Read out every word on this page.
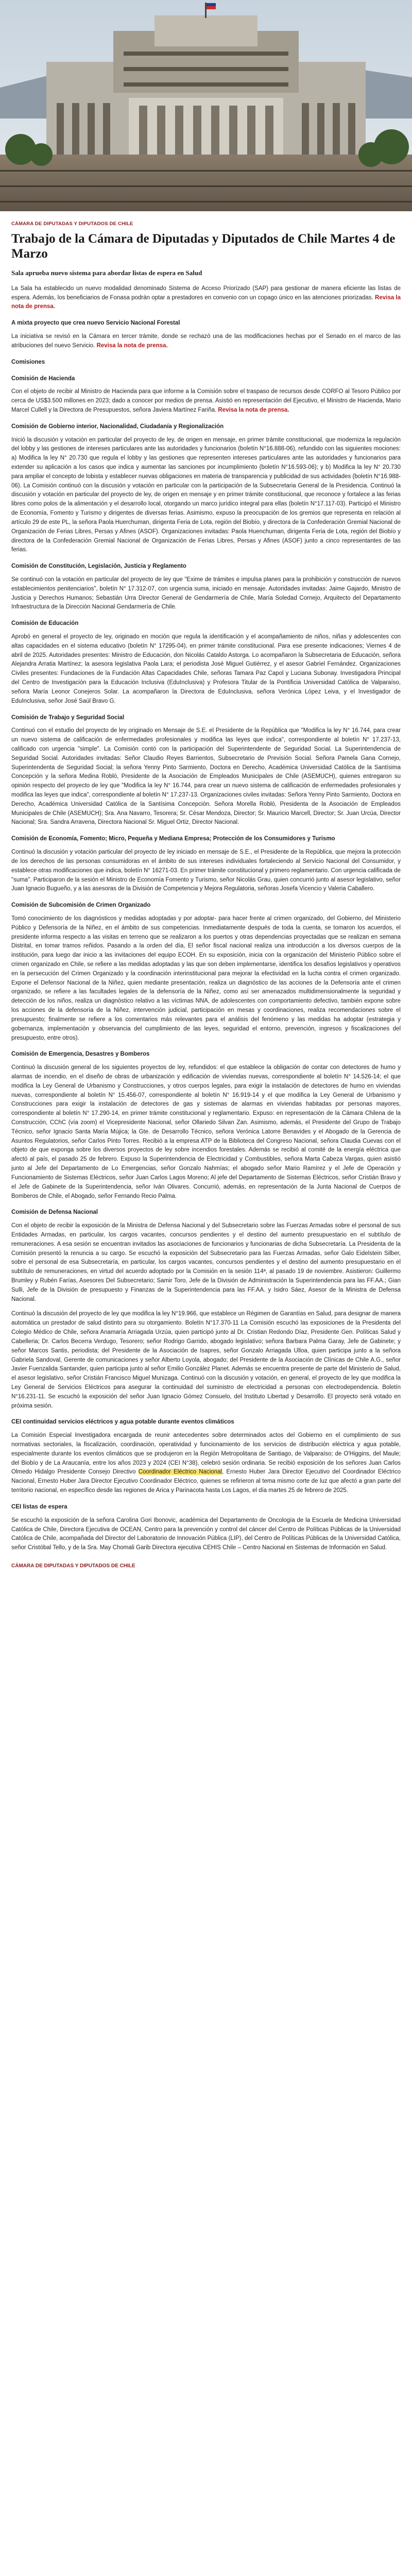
CÁMARA DE DIPUTADAS Y DIPUTADOS DE CHILE
Trabajo de la Cámara de Diputadas y Diputados de Chile Martes 4 de Marzo
Sala aprueba nuevo sistema para abordar listas de espera en Salud

La Sala ha establecido un nuevo modalidad denominado Sistema de Acceso Priorizado (SAP) para gestionar de manera eficiente las listas de espera. Además, los beneficiarios de Fonasa podrán optar a prestadores en convenio con un copago único en las atenciones priorizadas. Revisa la nota de prensa.

A mixta proyecto que crea nuevo Servicio Nacional Forestal

La iniciativa se revisó en la Cámara en tercer trámite, donde se rechazó una de las modificaciones hechas por el Senado en el marco de las atribuciones del nuevo Servicio. Revisa la nota de prensa.

Comisiones
Comisión de Hacienda

Con el objeto de recibir al Ministro de Hacienda para que informe a la Comisión sobre el traspaso de recursos desde CORFO al Tesoro Público por cerca de US$3.500 millones en 2023; dado a conocer por medios de prensa. Asistió en representación del Ejecutivo, el Ministro de Hacienda, Mario Marcel Cullell y la Directora de Presupuestos, señora Javiera Martínez Fariña. Revisa la nota de prensa.

Comisión de Gobierno interior, Nacionalidad, Ciudadanía y Regionalización

Inició la discusión y votación en particular del proyecto de ley, de origen en mensaje, en primer trámite constitucional, que moderniza la regulación del lobby y las gestiones de intereses particulares ante las autoridades y funcionarios (boletín N°16.888-06), refundido con las siguientes mociones: a) Modifica la ley N° 20.730 que regula el lobby y las gestiones que representen intereses particulares ante las autoridades y funcionarios para extender su aplicación a los casos que indica y aumentar las sanciones por incumplimiento (boletín N°16.593-06); y b) Modifica la ley N° 20.730 para ampliar el concepto de lobista y establecer nuevas obligaciones en materia de transparencia y publicidad de sus actividades (boletín N°16.988-06). La Comisión continuó con la discusión y votación en particular con la participación de la Subsecretaria General de la Presidencia. Continuó la discusión y votación en particular del proyecto de ley, de origen en mensaje y en primer trámite constitucional, que reconoce y fortalece a las ferias libres como polos de la alimentación y el desarrollo local, otorgando un marco jurídico integral para ellas (boletín N°17.117-03). Participó el Ministro de Economía, Fomento y Turismo y dirigentes de diversas ferias. Asimismo, expuso la preocupación de los gremios que representa en relación al artículo 29 de este PL, la señora Paola Huerchuman, dirigenta Feria de Lota, región del Biobío, y directora de la Confederación Gremial Nacional de Organización de Ferias Libres, Persas y Afines (ASOF). Organizaciones invitadas: Paola Huenchuman, dirigenta Feria de Lota, región del Biobío y directora de la Confederación Gremial Nacional de Organización de Ferias Libres, Persas y Afines (ASOF) junto a cinco representantes de las ferias.

Comisión de Constitución, Legislación, Justicia y Reglamento

Se continuó con la votación en particular del proyecto de ley que "Exime de trámites e impulsa planes para la prohibición y construcción de nuevos establecimientos penitenciarios", boletín N° 17.312-07, con urgencia suma, iniciado en mensaje. Autoridades invitadas: Jaime Gajardo, Ministro de Justicia y Derechos Humanos; Sebastián Urra Director General de Gendarmería de Chile, María Soledad Cornejo, Arquitecto del Departamento Infraestructura de la Dirección Nacional Gendarmería de Chile.

Comisión de Educación

Aprobó en general el proyecto de ley, originado en moción que regula la identificación y el acompañamiento de niños, niñas y adolescentes con altas capacidades en el sistema educativo (boletín N° 17295-04), en primer trámite constitucional. Para ese presente indicaciones; Viernes 4 de abril de 2025. Autoridades presentes: Ministro de Educación, don Nicolás Cataldo Astorga. Lo acompañaron la Subsecretaria de Educación, señora Alejandra Arratia Martínez; la asesora legislativa Paola Lara; el periodista José Miguel Gutiérrez, y el asesor Gabriel Fernández. Organizaciones Civiles presentes: Fundaciones de la Fundación Altas Capacidades Chile, señoras Tamara Paz Capol y Luciana Subonay. Investigadora Principal del Centro de Investigación para la Educación Inclusiva (EduInclusiva) y Profesora Titular de la Pontificia Universidad Católica de Valparaíso, señora María Leonor Conejeros Solar. La acompañaron la Directora de EduInclusiva, señora Verónica López Leiva, y el Investigador de EduInclusiva, señor José Saúl Bravo G.

Comisión de Trabajo y Seguridad Social

Continuó con el estudio del proyecto de ley originado en Mensaje de S.E. el Presidente de la República que "Modifica la ley N° 16.744, para crear un nuevo sistema de calificación de enfermedades profesionales y modifica las leyes que indica", correspondiente al boletín N° 17.237-13, calificado con urgencia "simple". La Comisión contó con la participación del Superintendente de Seguridad Social. La Superintendencia de Seguridad Social. Autoridades invitadas: Señor Claudio Reyes Barrientos, Subsecretario de Previsión Social. Señora Pamela Gana Cornejo, Superintendenta de Seguridad Social; la señora Yenny Pinto Sarmiento, Doctora en Derecho, Académica Universidad Católica de la Santísima Concepción y la señora Medina Robló, Presidente de la Asociación de Empleados Municipales de Chile (ASEMUCH), quienes entregaron su opinión respecto del proyecto de ley que "Modifica la ley N° 16.744, para crear un nuevo sistema de calificación de enfermedades profesionales y modifica las leyes que indica", correspondiente al boletín N° 17.237-13. Organizaciones civiles invitadas: Señora Yenny Pinto Sarmiento, Doctora en Derecho, Académica Universidad Católica de la Santísima Concepción. Señora Morella Robló, Presidenta de la Asociación de Empleados Municipales de Chile (ASEMUCH); Sra. Ana Navarro, Tesorera; Sr. César Mendoza, Director; Sr. Mauricio Marcell, Director; Sr. Juan Urcúa, Director Nacional; Sra. Sandra Arravena, Directora Nacional Sr. Miguel Ortiz, Director Nacional.

Comisión de Economía, Fomento; Micro, Pequeña y Mediana Empresa; Protección de los Consumidores y Turismo

Continuó la discusión y votación particular del proyecto de ley iniciado en mensaje de S.E., el Presidente de la República, que mejora la protección de los derechos de las personas consumidoras en el ámbito de sus intereses individuales fortaleciendo al Servicio Nacional del Consumidor, y establece otras modificaciones que indica, boletín N° 16271-03. En primer trámite constitucional y primero reglamentario. Con urgencia calificada de "suma". Participaron de la sesión el Ministro de Economía Fomento y Turismo, señor Nicolás Grau, quien concurrió junto al asesor legislativo, señor Juan Ignacio Bugueño, y a las asesoras de la División de Competencia y Mejora Regulatoria, señoras Josefa Vicencio y Valeria Caballero.

Comisión de Subcomisión de Crimen Organizado

Tomó conocimiento de los diagnósticos y medidas adoptadas y por adoptar- para hacer frente al crimen organizado, del Gobierno, del Ministerio Público y Defensoría de la Niñez, en el ámbito de sus competencias. Inmediatamente después de toda la cuenta, se tomaron los acuerdos, el presidente informa respecto a las visitas en terreno que se realizaron a los puertos y otras dependencias proyectadas que se realizan en semana Distrital, en tomar tramos reñidos. Pasando a la orden del día, El señor fiscal nacional realiza una introducción a los diversos cuerpos de la institución, para luego dar inicio a las invitaciones del equipo ECOH. En su exposición, inicia con la organización del Ministerio Público sobre el crimen organizado en Chile, se refiere a las medidas adoptadas y las que son deben implementarse, identifica los desafíos legislativos y operativos en la persecución del Crimen Organizado y la coordinación interinstitucional para mejorar la efectividad en la lucha contra el crimen organizado. Expone el Defensor Nacional de la Niñez, quien mediante presentación, realiza un diagnóstico de las acciones de la Defensoría ante el crimen organizado, se refiere a las facultades legales de la defensoría de la Niñez, como así ser amenazados multidimensionalmente la seguridad y detección de los niños, realiza un diagnóstico relativo a las víctimas NNA, de adolescentes con comportamiento defectivo, también expone sobre los acciones de la defensoría de la Niñez, intervención judicial, participación en mesas y coordinaciones, realiza recomendaciones sobre el presupuesto; finalmente se refiere a los comentarios más relevantes para el análisis del fenómeno y las medidas ha adoptar (estrategia y gobernanza, implementación y observancia del cumplimiento de las leyes, seguridad el entorno, prevención, ingresos y fiscalizaciones del presupuesto, entre otros).

Comisión de Emergencia, Desastres y Bomberos

Continuó la discusión general de los siguientes proyectos de ley, refundidos: el que establece la obligación de contar con detectores de humo y alarmas de incendio, en el diseño de obras de urbanización y edificación de viviendas nuevas, correspondiente al boletín N° 14.526-14; el que modifica la Ley General de Urbanismo y Construcciones, y otros cuerpos legales, para exigir la instalación de detectores de humo en viviendas nuevas, correspondiente al boletín N° 15.456-07, correspondiente al boletín N° 16.919-14 y el que modifica la Ley General de Urbanismo y Construcciones para exigir la instalación de detectores de gas y sistemas de alarmas en viviendas habitadas por personas mayores, correspondiente al boletín N° 17.290-14, en primer trámite constitucional y reglamentario. Expuso: en representación de la Cámara Chilena de la Construcción, CChC (vía zoom) el Vicepresidente Nacional, señor Ollariedo Silvan Zan. Asimismo, además, el Presidente del Grupo de Trabajo Técnico, señor Ignacio Santa María Mújica; la Gte. de Desarrollo Técnico, señora Verónica Latorre Benavides y el Abogado de la Gerencia de Asuntos Regulatorios, señor Carlos Pinto Torres. Recibió a la empresa ATP de la Biblioteca del Congreso Nacional, señora Claudia Cuevas con el objeto de que exponga sobre los diversos proyectos de ley sobre incendios forestales. Además se recibió al comité de la energía eléctrica que afectó al país, el pasado 25 de febrero. Expuso la Superintendencia de Electricidad y Combustibles, señora Marta Cabeza Vargas, quien asistió junto al Jefe del Departamento de Lo Emergencias, señor Gonzalo Nahmías; el abogado señor Mario Ramírez y el Jefe de Operación y Funcionamiento de Sistemas Eléctricos, señor Juan Carlos Lagos Moreno; Al jefe del Departamento de Sistemas Eléctricos, señor Cristián Bravo y el Jefe de Gabinete de la Superintendencia, señor Iván Olivares. Concurrió, además, en representación de la Junta Nacional de Cuerpos de Bomberos de Chile, el Abogado, señor Fernando Recio Palma.

Comisión de Defensa Nacional

Con el objeto de recibir la exposición de la Ministra de Defensa Nacional y del Subsecretario sobre las Fuerzas Armadas sobre el personal de sus Entidades Armadas, en particular, los cargos vacantes, concursos pendientes y el destino del aumento presupuestario en el subtítulo de remuneraciones. A esa sesión se encuentran invitados las asociaciones de funcionarios y funcionarias de dicha Subsecretaría. La Presidenta de la Comisión presentó la renuncia a su cargo. Se escuchó la exposición del Subsecretario para las Fuerzas Armadas, señor Galo Eidelstein Silber, sobre el personal de esa Subsecretaría, en particular, los cargos vacantes, concursos pendientes y el destino del aumento presupuestario en el subtítulo de remuneraciones, en virtud del acuerdo adoptado por la Comisión en la sesión 114ª, al pasado 19 de noviembre. Asistieron: Guillermo Brumley y Rubén Farías, Asesores Del Subsecretario; Samir Toro, Jefe de la División de Administración la Superintendencia para las FF.AA.; Gian Sulli, Jefe de la División de presupuesto y Finanzas de la Superintendencia para las FF.AA. y Isidro Sáez, Asesor de la Ministra de Defensa Nacional.

Continuó la discusión del proyecto de ley que modifica la ley N°19.966, que establece un Régimen de Garantías en Salud, para designar de manera automática un prestador de salud distinto para su otorgamiento. Boletín N°17.370-11 La Comisión escuchó las exposiciones de la Presidenta del Colegio Médico de Chile, señora Anamaría Arriagada Urzúa, quien participó junto al Dr. Cristian Redondo Díaz, Presidente Gen. Políticas Salud y Cabelleria; Dr. Carlos Becerra Verdugo, Tesorero; señor Rodrigo Garrido, abogado legislativo; señora Barbara Palma Garay, Jefe de Gabinete; y señor Marcos Santis, periodista; del Presidente de la Asociación de Isapres, señor Gonzalo Arriagada Ulloa, quien participa junto a la señora Gabriela Sandoval, Gerente de comunicaciones y señor Alberto Loyola, abogado; del Presidente de la Asociación de Clínicas de Chile A.G., señor Javier Fuenzalida Santander, quien participa junto al señor Emilio González Planet. Además se encuentra presente de parte del Ministerio de Salud, el asesor legislativo, señor Cristián Francisco Miguel Munizaga. Continuó con la discusión y votación, en general, el proyecto de ley que modifica la Ley General de Servicios Eléctricos para asegurar la continuidad del suministro de electricidad a personas con electrodependencia. Boletín N°16.231-11. Se escuchó la exposición del señor Juan Ignacio Gómez Consuelo, del Instituto Libertad y Desarrollo. El proyecto será votado en próxima sesión.

CEI continuidad servicios eléctricos y agua potable durante eventos climáticos

La Comisión Especial Investigadora encargada de reunir antecedentes sobre determinados actos del Gobierno en el cumplimiento de sus normativas sectoriales, la fiscalización, coordinación, operatividad y funcionamiento de los servicios de distribución eléctrica y agua potable, especialmente durante los eventos climáticos que se produjeron en la Región Metropolitana de Santiago, de Valparaíso; de O'Higgins, del Maule; del Biobío y de La Araucanía, entre los años 2023 y 2024 (CEI N°38), celebró sesión ordinaria. Se recibió exposición de los señores Juan Carlos Olmedo Hidalgo Presidente Consejo Directivo Coordinador Eléctrico Nacional, Ernesto Huber Jara Director Ejecutivo del Coordinador Eléctrico Nacional, Ernesto Huber Jara Director Ejecutivo Coordinador Eléctrico, quienes se refirieron al tema mismo corte de luz que afectó a gran parte del territorio nacional, en específico desde las regiones de Arica y Parinacota hasta Los Lagos, el día martes 25 de febrero de 2025.

CEI listas de espera

Se escuchó la exposición de la señora Carolina Gori Ibonovic, académica del Departamento de Oncología de la Escuela de Medicina Universidad Católica de Chile, Directora Ejecutiva de OCEAN, Centro para la prevención y control del cáncer del Centro de Políticas Públicas de la Universidad Católica de Chile, acompañada del Director del Laboratorio de Innovación Pública (LIP), del Centro de Políticas Públicas de la Universidad Católica, señor Cristóbal Tello, y de la Sra. May Chomali Garib Directora ejecutiva CEHIS Chile – Centro Nacional en Sistemas de Información en Salud.

CÁMARA DE DIPUTADAS Y DIPUTADOS DE CHILE
